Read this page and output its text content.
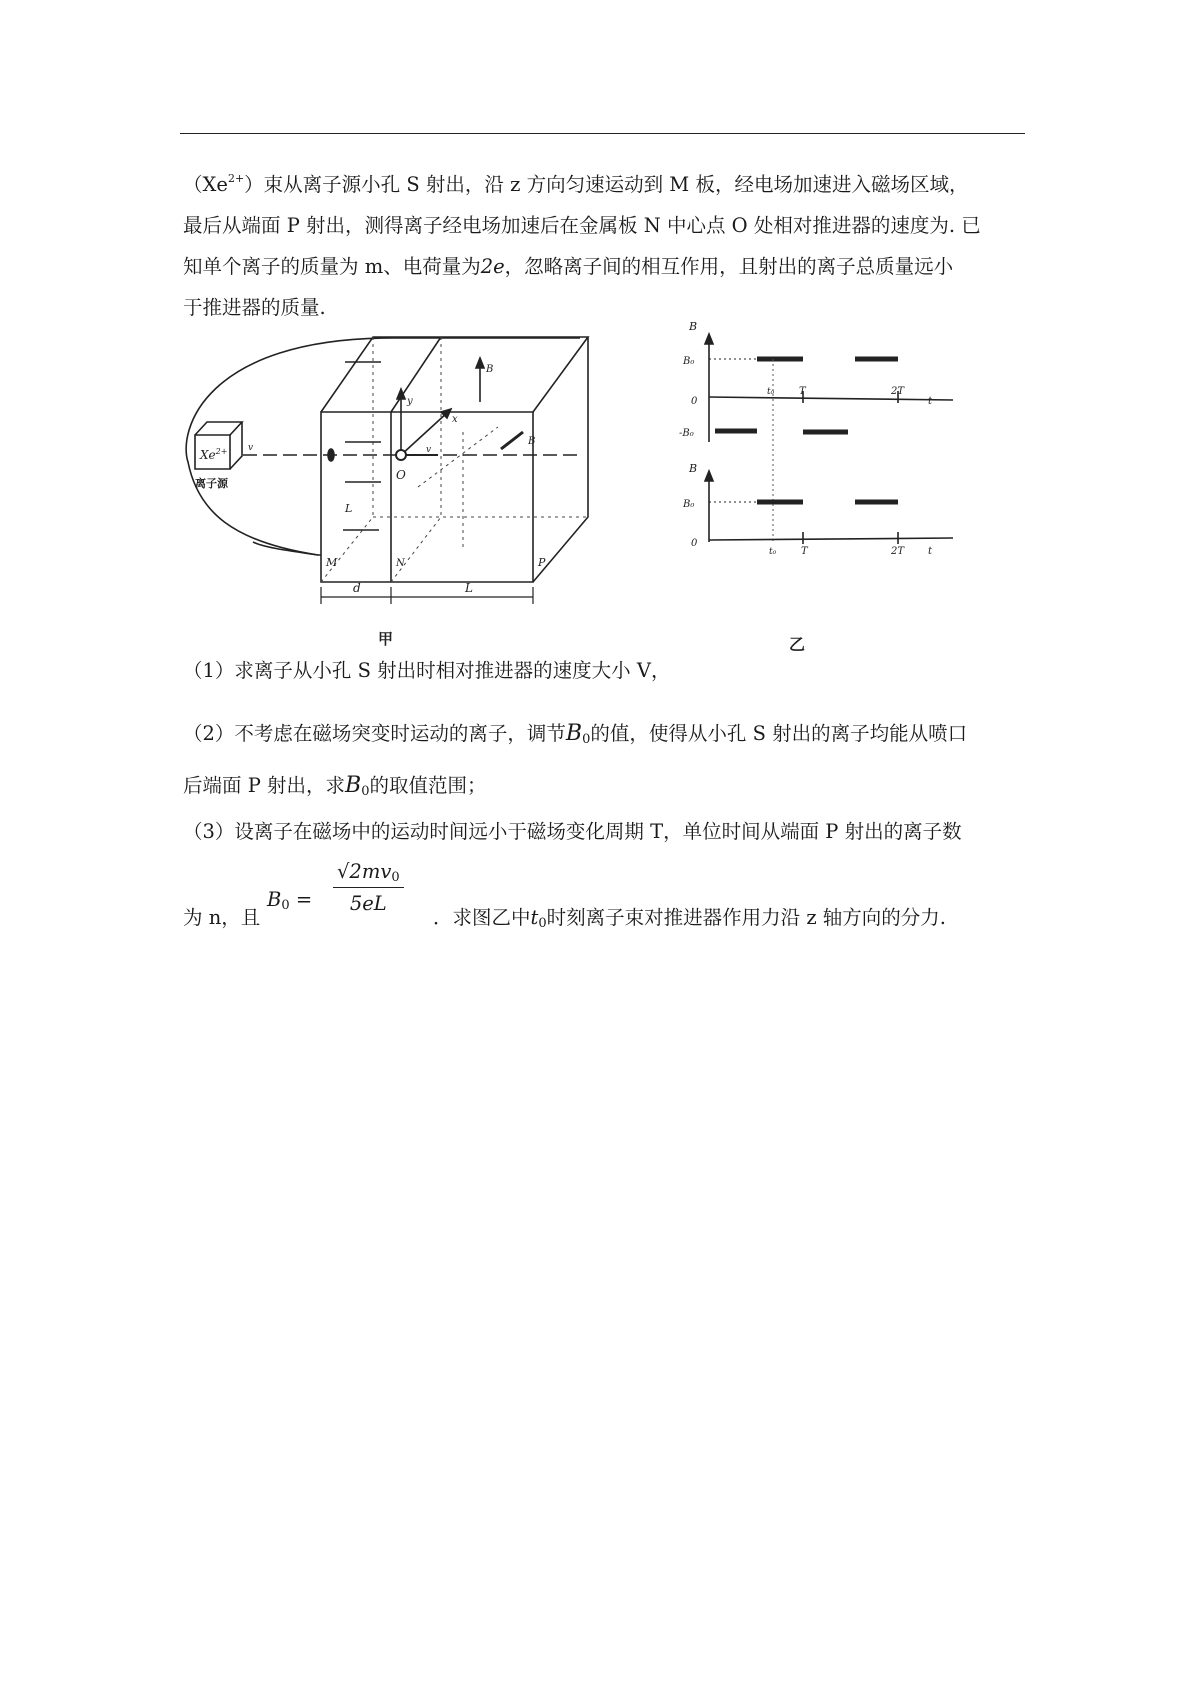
$(Xe^{2+})$束从离子源小孔 S 射出，沿 z 方向匀速运动到 M 板，经电场加速进入磁场区域，

最后从端面 P 射出，测得离子经电场加速后在金属板 N 中心点 O 处相对推进器的速度为. 已

知单个离子的质量为 m、电荷量为2e，忽略离子间的相互作用，且射出的离子总质量远小

于推进器的质量.

$Xe^{2+}$
离子源
M	N	P
O
L
d	L
y
x
B
B
v
v
甲
B
B₀
-B₀
0
t₀ T	2T
t
B
B₀
0
t₀ T	2T t
乙
（1）求离子从小孔 S 射出时相对推进器的速度大小 V，
（2）不考虑在磁场突变时运动的离子，调节$B_0$的值，使得从小孔 S 射出的离子均能从喷口
后端面 P 射出，求$B_0$的取值范围；
（3）设离子在磁场中的运动时间远小于磁场变化周期 T，单位时间从端面 P 射出的离子数
为 n，且
$B_0 = \frac{√2mv_0}{5eL}$
．求图乙中$t_0$时刻离子束对推进器作用力沿 z 轴方向的分力.
